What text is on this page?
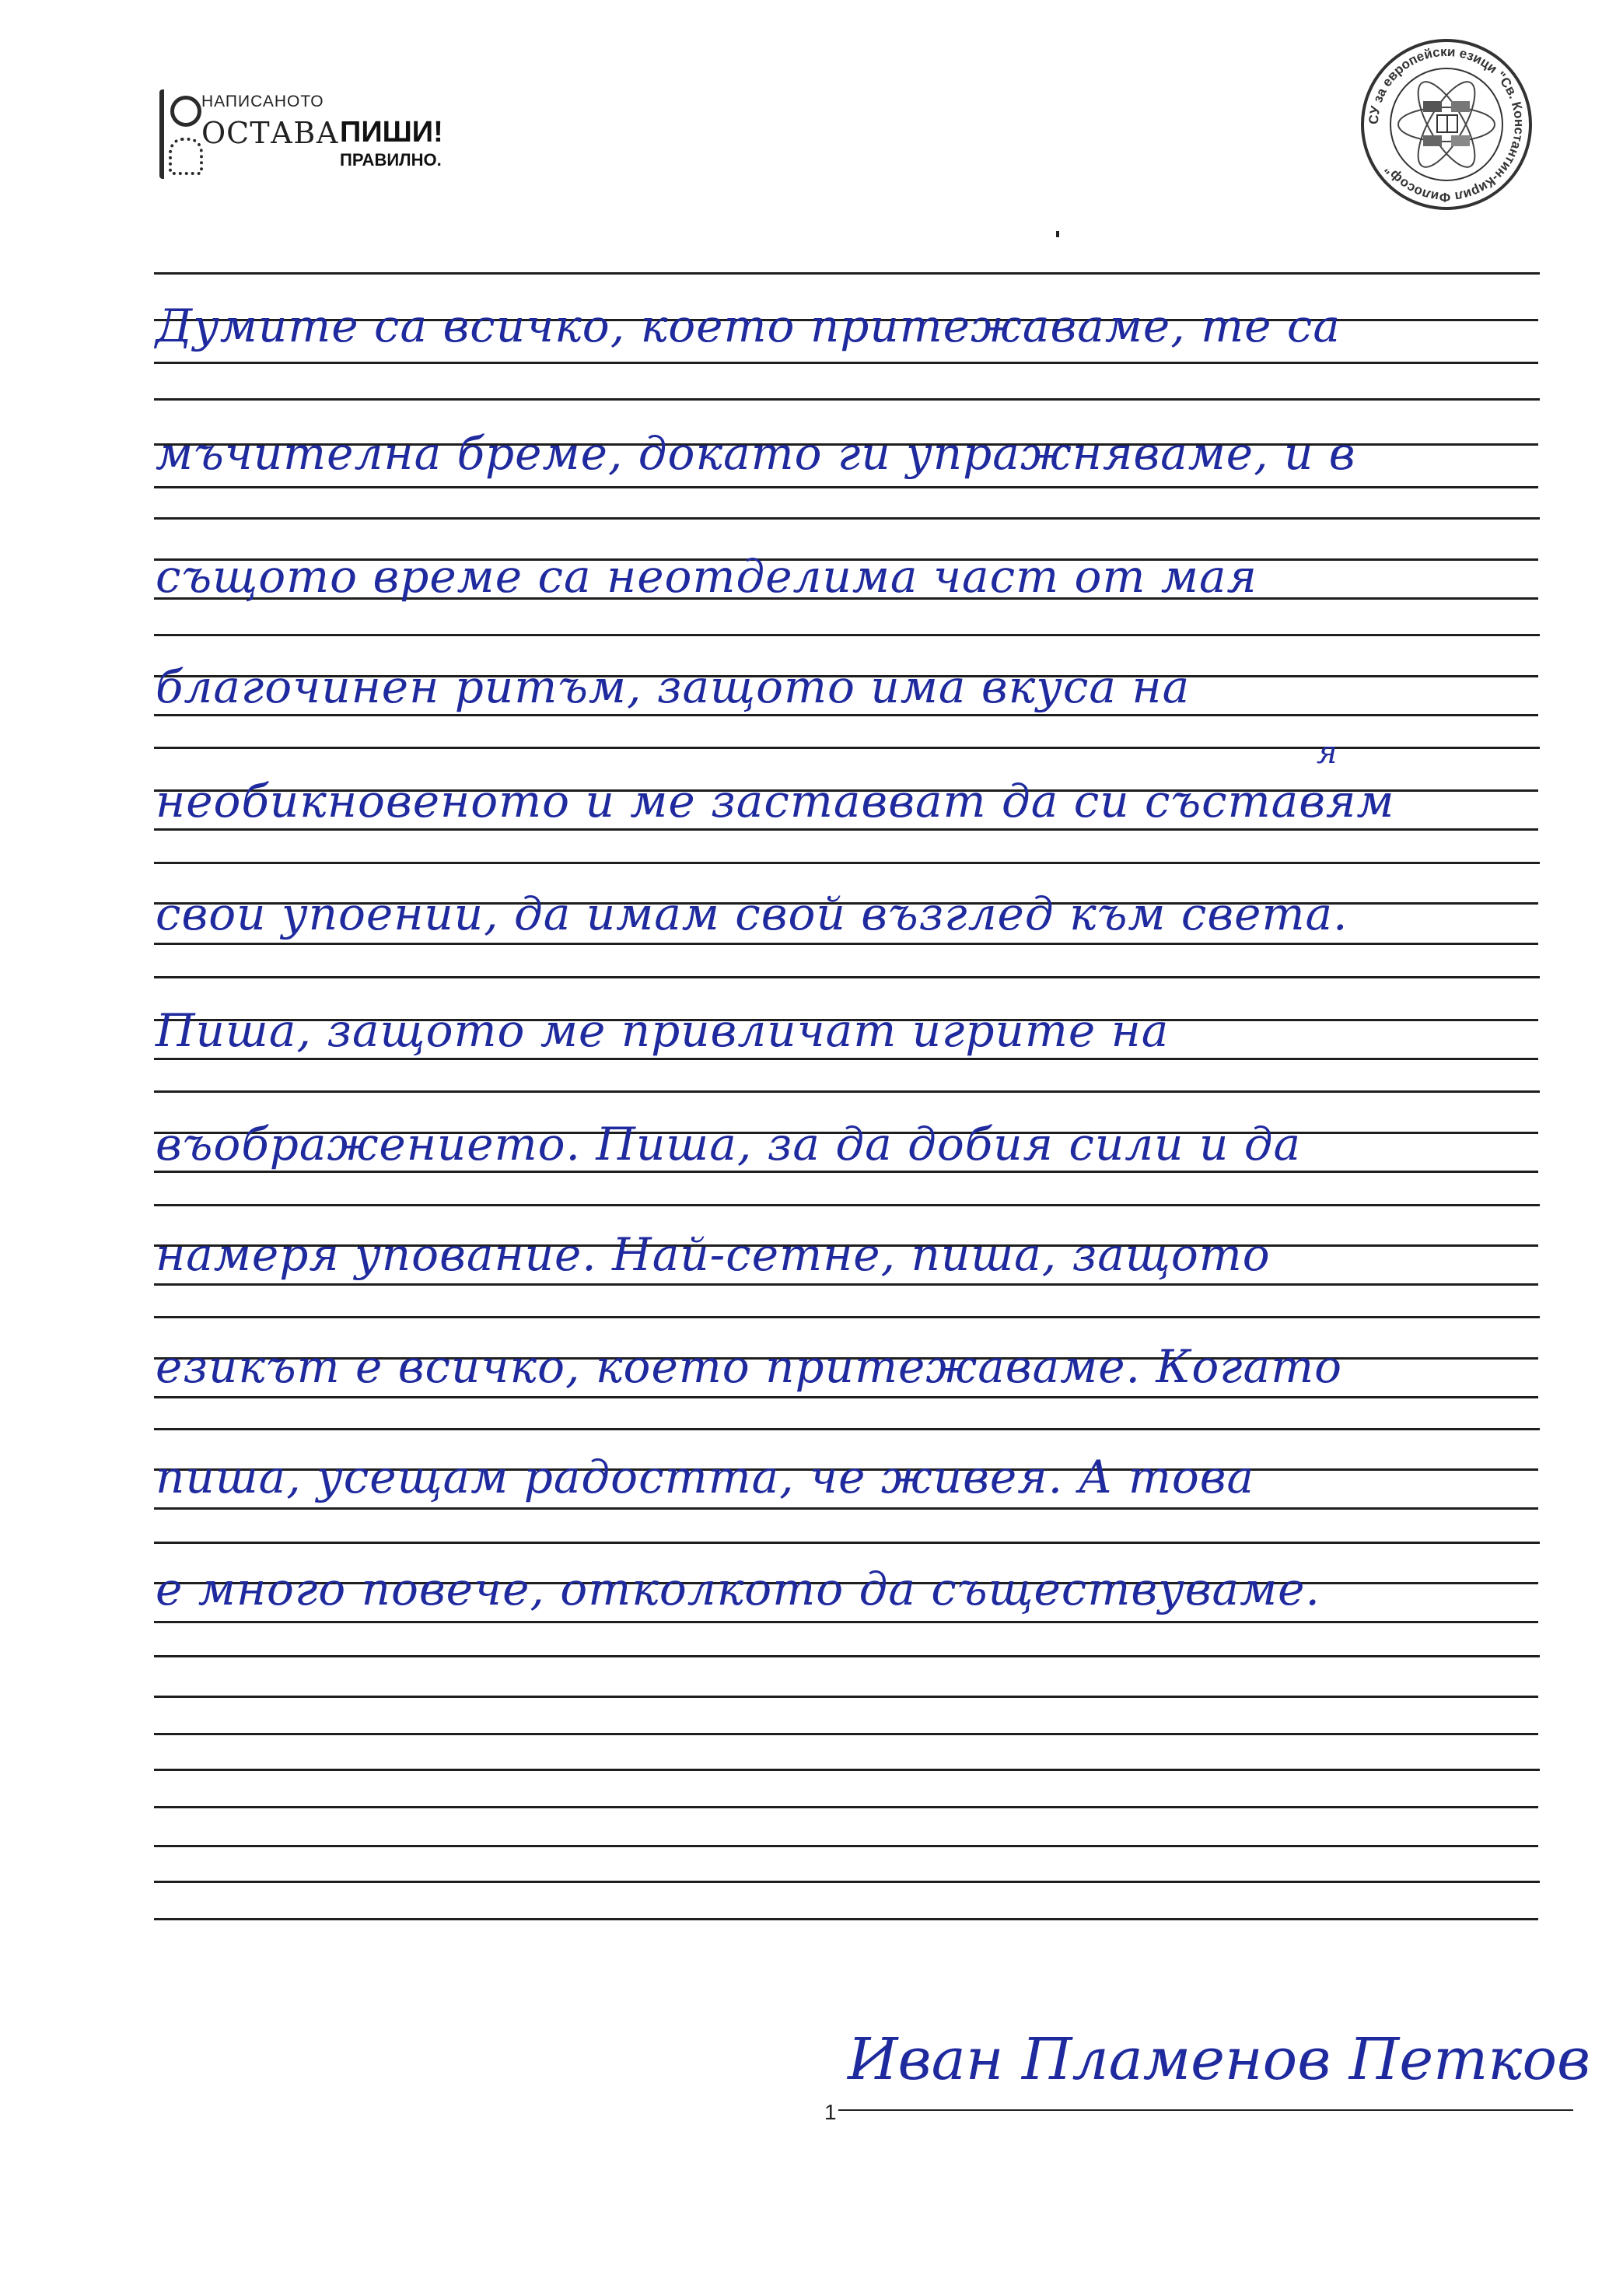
НАПИСАНОТО
ОСТАВА ПИШИ!
ПРАВИЛНО.
СУ за европейски езици "Св. Константин-Кирил Философ"
Думите са всичко, което притежаваме, те са
мъчителна бреме, докато ги упражняваме, и в
същото време са неотделима част от мая
благочинен ритъм, защото има вкуса на
необикновеното и ме заставват да си съставям
я
свои упоении, да имам свой възглед към света.
Пиша, защото ме привличат игрите на
въображението. Пиша, за да добия сили и да
намеря упование. Най-сетне, пиша, защото
езикът е всичко, което притежаваме. Когато
пиша, усещам радостта, че живея. А това
е много повече, отколкото да съществуваме.
1
Иван Пламенов Петков
